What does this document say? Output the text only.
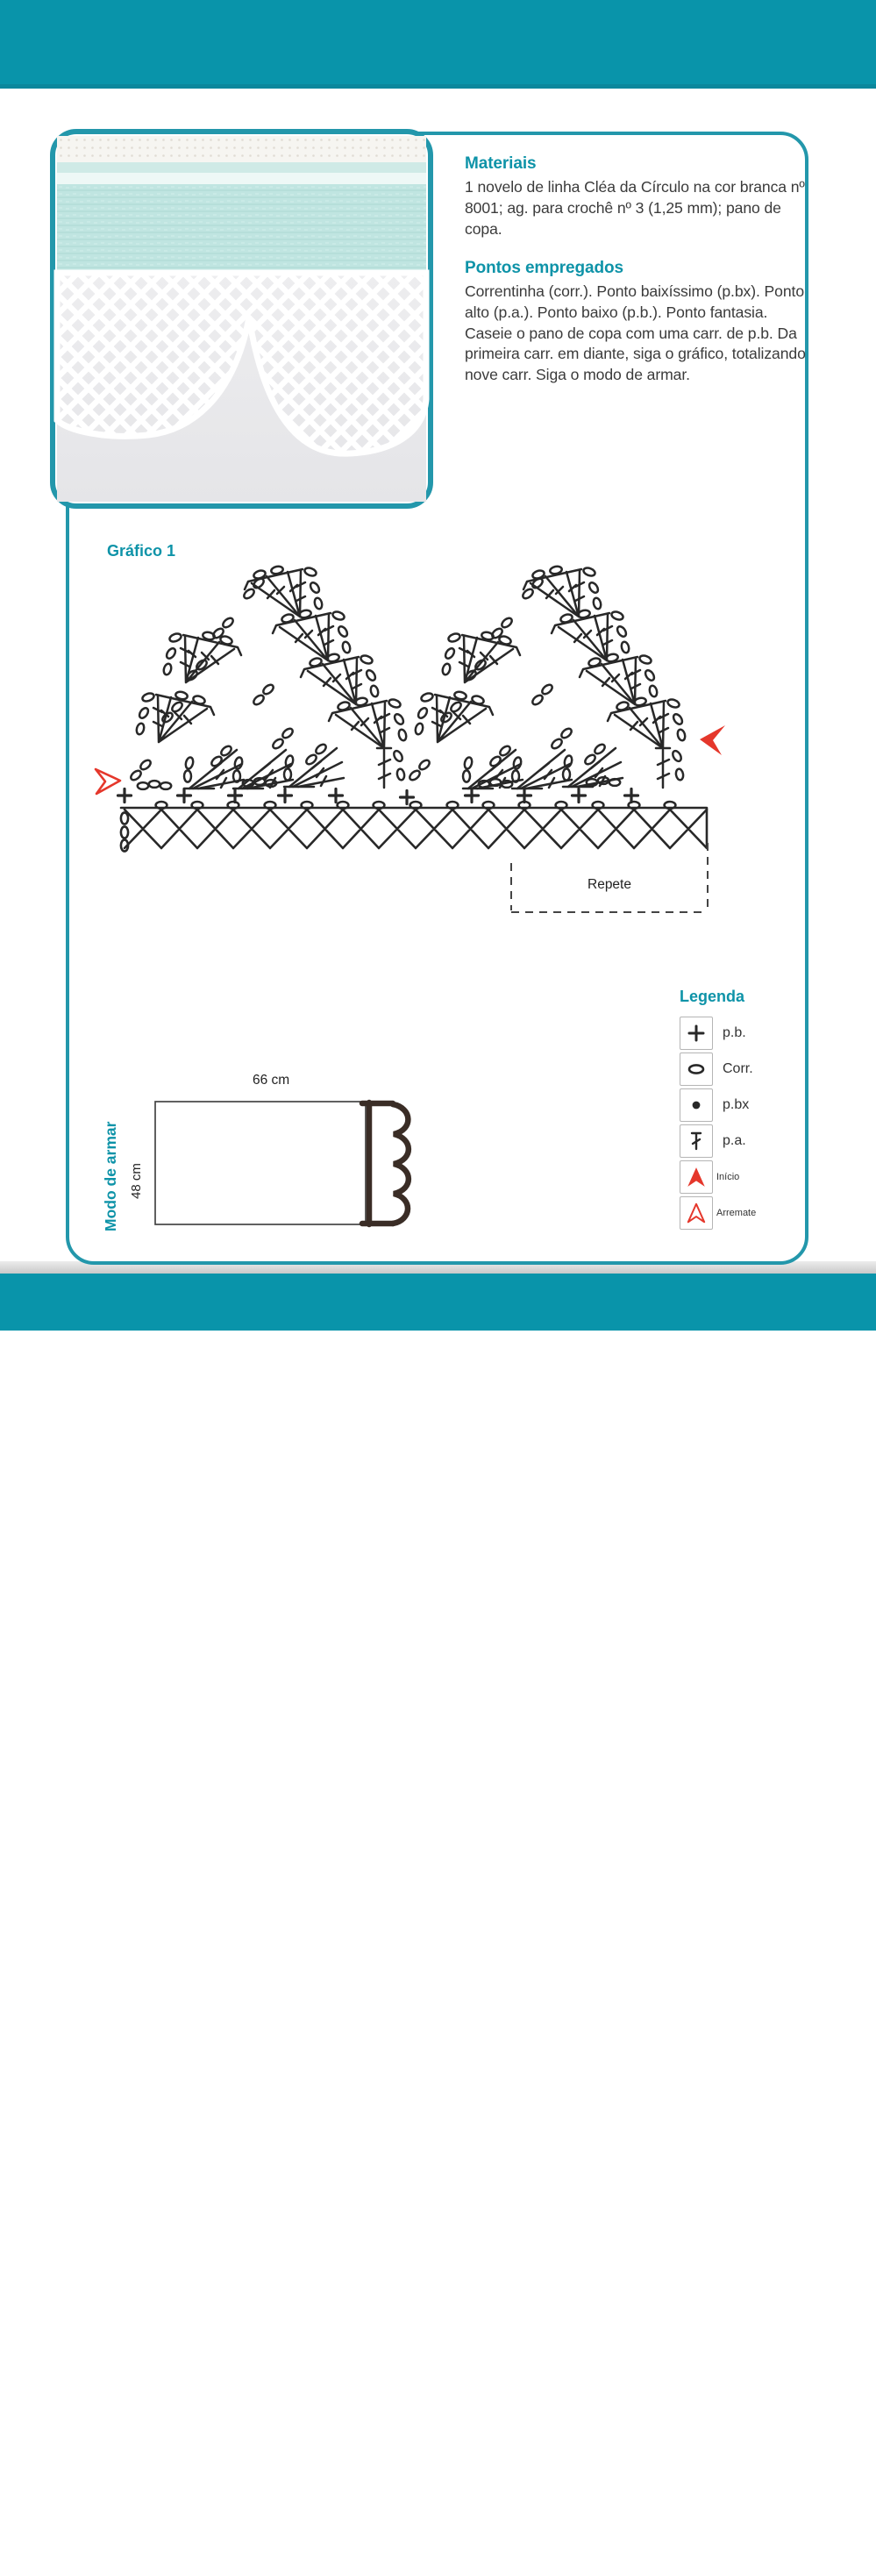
Materiais

1 novelo de linha Cléa da Círculo na cor branca nº 8001; ag. para crochê nº 3 (1,25 mm); pano de copa.

Pontos empregados

Correntinha (corr.). Ponto baixíssimo (p.bx). Ponto alto (p.a.). Ponto baixo (p.b.). Ponto fantasia. Caseie o pano de copa com uma carr. de p.b. Da primeira carr. em diante, siga o gráfico, totalizando nove carr. Siga o modo de armar.

Gráfico 1
Repete

Legenda

p.b.
Corr.
p.bx
p.a.
Início
Arremate
Modo de armar 48 cm
66 cm
37
